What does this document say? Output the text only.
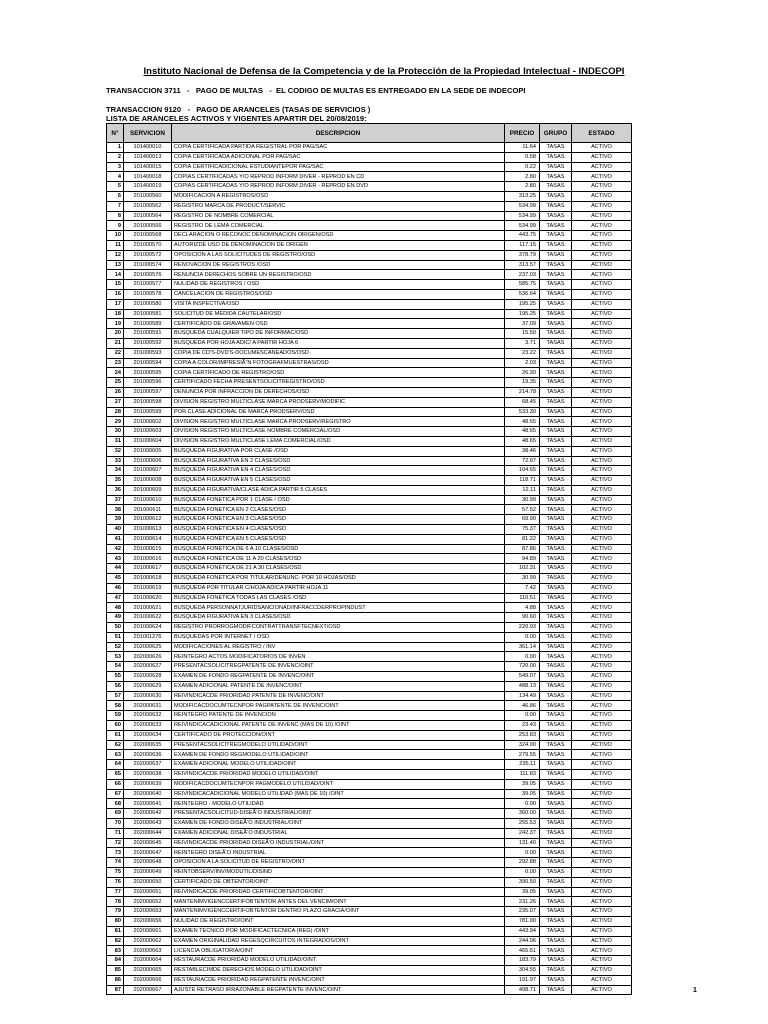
Instituto Nacional de Defensa de la Competencia y de la Protección de la Propiedad Intelectual - INDECOPI
TRANSACCION 3711   -   PAGO DE MULTAS   -  EL CODIGO DE MULTAS ES ENTREGADO EN LA SEDE DE INDECOPI
TRANSACCION 9120   -   PAGO DE ARANCELES (TASAS DE SERVICIOS )
LISTA DE ARANCELES ACTIVOS Y VIGENTES APARTIR DEL 20/08/2019:
N°	SERVICION	DESCRIPCION	PRECIO	GRUPO	ESTADO
1	101400010	COPIA CERTIFICADA PARTIDA REGISTRAL POR PAG/SAC	11.64	TASAS	ACTIVO
2	101400013	COPIA CERTIFICADA ADICIONAL POR PAG/SAC	0.58	TASAS	ACTIVO
3	101400015	COPIA CERTIFICADICIONAL ESTUDIANTEPOR PAG/SAC	0.22	TASAS	ACTIVO
4	101400018	COPIAS CERTIFICADAS Y/O REPROD INFORM DIVER - REPROD EN CD	2.80	TASAS	ACTIVO
5	101400019	COPIAS CERTIFICADAS Y/O REPROD INFORM DIVER - REPROD EN DVD	2.80	TASAS	ACTIVO
6	201000560	MODIFICACION A REGISTROS/OSD	313.25	TASAS	ACTIVO
7	201000562	REGISTRO MARCA DE PRODUCT/SERVIC	534.99	TASAS	ACTIVO
8	201000564	REGISTRO DE NOMBRE COMERCIAL	534.99	TASAS	ACTIVO
9	201000566	REGISTRO DE LEMA COMERCIAL	534.99	TASAS	ACTIVO
10	201000568	DECLARACION O RECONOC DENOMINACION ORIGEN/OSD	443.75	TASAS	ACTIVO
11	201000570	AUTORIZDE USO DE DENOMINACION DE ORIGEN	117.15	TASAS	ACTIVO
12	201000572	OPOSICION A LAS SOLICITUDES DE REGISTRO/OSD	378.79	TASAS	ACTIVO
13	201000574	RENOVACION DE REGISTROS /OSD	313.57	TASAS	ACTIVO
14	201000576	RENUNCIA DERECHOS SOBRE UN REGISTRO/OSD	237.03	TASAS	ACTIVO
15	201000577	NULIDAD DE REGISTROS / OSD	585.75	TASAS	ACTIVO
16	201000578	CANCELACION DE REGISTROS/OSD	536.64	TASAS	ACTIVO
17	201000580	VISITA INSPECTIVA/OSD	195.25	TASAS	ACTIVO
18	201000581	SOLICITUD DE MEDIDA CAUTELAR/OSD	195.25	TASAS	ACTIVO
19	201000589	CERTIFICADO DE GRAVAMEN OSD	37.09	TASAS	ACTIVO
20	201000591	BUSQUEDA CUALQUIER TIPO DE INFORMAC/OSD	15.50	TASAS	ACTIVO
21	201000592	BUSQUEDA POR HOJA ADIC/ A PARTIR HOJA 6	3.71	TASAS	ACTIVO
22	201000593	COPIA DE CD'S-DVD'S-DOCUMESCANEADOS/OSD	23.22	TASAS	ACTIVO
23	201000594	COPIA A COLOR/IMPRESIÃ“N FOTOGRAFMUESTRAS/OSD	2.03	TASAS	ACTIVO
24	201000595	COPIA CERTIFICADO DE REGISTRO/OSD	26.30	TASAS	ACTIVO
25	201000596	CERTIFICADO FECHA PRESENTSOLICITREGISTRO/OSD	19.35	TASAS	ACTIVO
26	201000597	DENUNCIA POR INFRACCION DE DERECHOS/OSD	214.78	TASAS	ACTIVO
27	201000598	DIVISION REGISTRO MULTICLASE MARCA PRODSERV/MODIFIC	68.45	TASAS	ACTIVO
28	201000599	POR CLASE ADICIONAL DE MARCA PRODSERV/OSD	533.30	TASAS	ACTIVO
29	201000602	DIVISION REGISTRO MULTICLASE MARCA PRODSERV/REGISTRO	48.65	TASAS	ACTIVO
30	201000603	DIVISION REGISTRO MULTICLASE NOMBRE COMERCIAL/OSD	48.65	TASAS	ACTIVO
31	201000604	DIVISION REGISTRO MULTICLASE LEMA COMERCIAL/OSD	48.65	TASAS	ACTIVO
32	201000605	BUSQUEDA FIGURATIVA POR CLASE /OSD	38.46	TASAS	ACTIVO
33	201000606	BUSQUEDA FIGURATIVA EN 2 CLASES/OSD	72.97	TASAS	ACTIVO
34	201000607	BUSQUEDA FIGURATIVA EN 4 CLASES/OSD	104.65	TASAS	ACTIVO
35	201000608	BUSQUEDA FIGURATIVA EN 5 CLASES/OSD	118.71	TASAS	ACTIVO
36	201000609	BUSQUEDA FIGURATIVA/CLASE ADICA PARTIR 5 CLASES	12.11	TASAS	ACTIVO
37	201000610	BUSQUEDA FONETICA POR 1 CLASE / OSD	30.99	TASAS	ACTIVO
38	201000611	BUSQUEDA FONETICA EN 2 CLASES/OSD	57.52	TASAS	ACTIVO
39	201000612	BUSQUEDA FONETICA EN 3 CLASES/OSD	69.90	TASAS	ACTIVO
40	201000613	BUSQUEDA FONETICA EN 4 CLASES/OSD	75.37	TASAS	ACTIVO
41	201000614	BUSQUEDA FONETICA EN 5 CLASES/OSD	81.22	TASAS	ACTIVO
42	201000615	BUSQUEDA FONETICA DE 6 A 10 CLASES/OSD	87.86	TASAS	ACTIVO
43	201000616	BUSQUEDA FONETICA DE 11 A 20 CLASES/OSD	94.89	TASAS	ACTIVO
44	201000617	BUSQUEDA FONETICA DE 21 A 30 CLASES/OSD	102.31	TASAS	ACTIVO
45	201000618	BUSQUEDA FONETICA POR TITULAR/DENUNC- POR 10 HOJAS/OSD	30.99	TASAS	ACTIVO
46	201000619	BUSQUEDA POR TITULAR C/HOJA ADICA PARTIR HOJA 11	7.42	TASAS	ACTIVO
47	201000620	BUSQUEDA FONETICA TODAS LAS CLASES /OSD	110.51	TASAS	ACTIVO
48	201000621	BUSQUEDA PERSONNATJURIDSANCIONAD/INFRACCDERPROPINDUST	4.88	TASAS	ACTIVO
49	201000622	BUSQUEDA FIGURATIVA EN 3 CLASES/OSD	90.60	TASAS	ACTIVO
50	201000624	REGISTRO PRORROGMODIFCONTRATTRANSFTECNEXT/OSD	220.93	TASAS	ACTIVO
51	201001276	BUSQUEDAS POR INTERNET / OSD	0.00	TASAS	ACTIVO
52	202000625	MODIFICACIONES AL REGISTRO / INV	361.14	TASAS	ACTIVO
53	202000626	REINTEGRO ACTOS MODIFICATORIOS DE INVEN	0.00	TASAS	ACTIVO
54	202000627	PRESENTACSOLICITREGPATENTE DE INVENC/OINT	720.00	TASAS	ACTIVO
55	202000628	EXAMEN DE FONDO REGPATENTE DE INVENC/OINT	549.07	TASAS	ACTIVO
56	202000629	EXAMEN ADICIONAL PATENTE DE INVENC/OINT	488.13	TASAS	ACTIVO
57	202000630	REIVINDICACDE PRIORIDAD PATENTE DE INVENC/OINT	134.49	TASAS	ACTIVO
58	202000631	MODIFICACDOCUMTECNPOR PAGPATENTE DE INVENC/OINT	46.86	TASAS	ACTIVO
59	202000632	REINTEGRO PATENTE DE INVENCION	0.00	TASAS	ACTIVO
60	202000633	REIVINDICACADICIONAL PATENTE DE INVENC (MAS DE 10) /OINT	23.43	TASAS	ACTIVO
61	202000634	CERTIFICADO DE PROTECCION/OINT	253.83	TASAS	ACTIVO
62	202000635	PRESENTACSOLICITREGMODELO UTILIDAD/OINT	324.00	TASAS	ACTIVO
63	202000636	EXAMEN DE FONDO REGMODELO UTILIDAD/OINT	279.55	TASAS	ACTIVO
64	202000637	EXAMEN ADICIONAL MODELO UTILIDAD/OINT	235.11	TASAS	ACTIVO
65	202000638	REIVINDICACDE PRIORIDAD MODELO UTILIDAD/OINT	111.83	TASAS	ACTIVO
66	202000639	MODIFICACDOCUMTECNPOR PAGMODELO UTILIDAD/OINT	39.05	TASAS	ACTIVO
67	202000640	REIVINDICACADICIONAL MODELO UTILIDAD (MAS DE 10) /OINT	39.05	TASAS	ACTIVO
68	202000641	REINTEGRO - MODELO UTILIDAD	0.00	TASAS	ACTIVO
69	202000642	PRESENTACSOLICITUD-DISEÃ‘O INDUSTRIAL/OINT	360.00	TASAS	ACTIVO
70	202000643	EXAMEN DE FONDO DISEÃ‘O INDUSTRIAL/OINT	255.53	TASAS	ACTIVO
71	202000644	EXAMEN ADICIONAL DISEÃ‘O INDUSTRIAL	242.37	TASAS	ACTIVO
72	202000645	REIVINDICACDE PRIORIDAD DISEÃ‘O INDUSTRIAL/OINT	131.40	TASAS	ACTIVO
73	202000647	REINTEGRO DISEÃ‘O INDUSTRIAL	0.00	TASAS	ACTIVO
74	202000648	OPOSICION A LA SOLICITUD DE REGISTRO/OINT	292.88	TASAS	ACTIVO
75	202000649	REINTOBSERV/INV/MODUTIL/DISIND	0.00	TASAS	ACTIVO
76	202000650	CERTIFICADO DE OBTENTOR/OINT	390.50	TASAS	ACTIVO
77	202000651	REIVINDICACDE PRIORIDAD CERTIFICOBTENTOR/OINT	39.05	TASAS	ACTIVO
78	202000652	MANTENIMVIGENCCERTIFOBTENTOR ANTES DEL VENCIM/OINT	231.26	TASAS	ACTIVO
79	202000653	MANTENIMVIGENCCERTIFOBTENTOR DENTRO PLAZO GRACIA/OINT	235.07	TASAS	ACTIVO
80	202000656	NULIDAD DE REGISTRO/OINT	781.00	TASAS	ACTIVO
81	202000661	EXAMEN TECNICO POR MODIFICACTECNICA (REG) /OINT	443.94	TASAS	ACTIVO
82	202000662	EXAMEN ORIGINALIDAD REGESQCIRCUITOS INTEGRADOS/OINT	244.06	TASAS	ACTIVO
83	202000663	LICENCIA OBLIGATORIA/OINT	465.51	TASAS	ACTIVO
84	202000664	RESTAURACDE PRIORIDAD MODELO UTILIDAD/OINT	183.79	TASAS	ACTIVO
85	202000665	RESTABLECIMDE DERECHOS MODELO UTILIDAD/OINT	304.55	TASAS	ACTIVO
86	202000666	RESTAURACDE PRIORIDAD REGPATENTE INVENC/OINT	191.97	TASAS	ACTIVO
87	202000667	AJUSTE RETRASO IRRAZONABLE REGPATENTE INVENC/OINT	408.71	TASAS	ACTIVO	1
